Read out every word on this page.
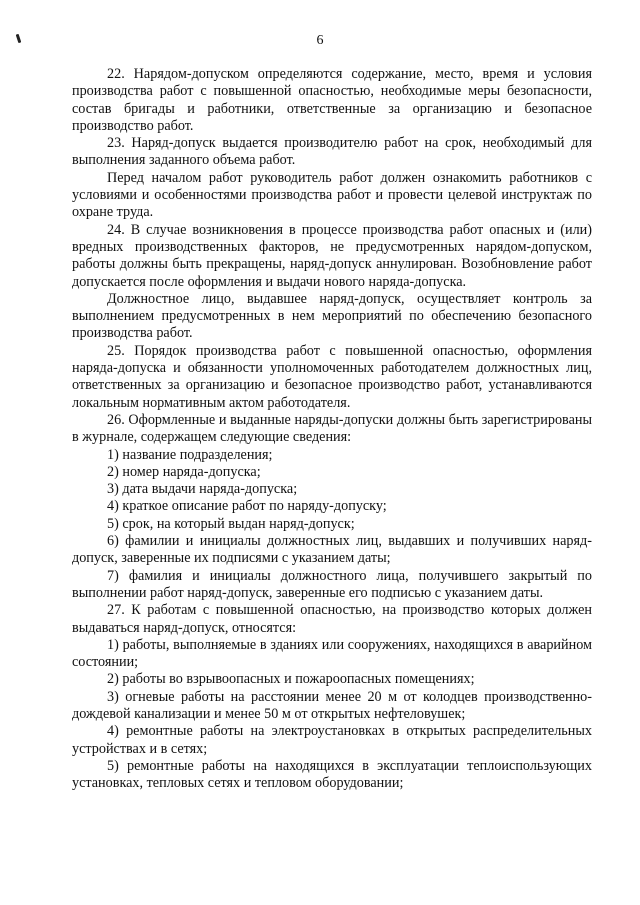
6

22. Нарядом-допуском определяются содержание, место, время и условия производства работ с повышенной опасностью, необходимые меры безопасности, состав бригады и работники, ответственные за организацию и безопасное производство работ.

23. Наряд-допуск выдается производителю работ на срок, необходимый для выполнения заданного объема работ.

Перед началом работ руководитель работ должен ознакомить работников с условиями и особенностями производства работ и провести целевой инструктаж по охране труда.

24. В случае возникновения в процессе производства работ опасных и (или) вредных производственных факторов, не предусмотренных нарядом-допуском, работы должны быть прекращены, наряд-допуск аннулирован. Возобновление работ допускается после оформления и выдачи нового наряда-допуска.

Должностное лицо, выдавшее наряд-допуск, осуществляет контроль за выполнением предусмотренных в нем мероприятий по обеспечению безопасного производства работ.

25. Порядок производства работ с повышенной опасностью, оформления наряда-допуска и обязанности уполномоченных работодателем должностных лиц, ответственных за организацию и безопасное производство работ, устанавливаются локальным нормативным актом работодателя.

26. Оформленные и выданные наряды-допуски должны быть зарегистрированы в журнале, содержащем следующие сведения:

1) название подразделения;

2) номер наряда-допуска;

3) дата выдачи наряда-допуска;

4) краткое описание работ по наряду-допуску;

5) срок, на который выдан наряд-допуск;

6) фамилии и инициалы должностных лиц, выдавших и получивших наряд-допуск, заверенные их подписями с указанием даты;

7) фамилия и инициалы должностного лица, получившего закрытый по выполнении работ наряд-допуск, заверенные его подписью с указанием даты.

27. К работам с повышенной опасностью, на производство которых должен выдаваться наряд-допуск, относятся:

1) работы, выполняемые в зданиях или сооружениях, находящихся в аварийном состоянии;

2) работы во взрывоопасных и пожароопасных помещениях;

3) огневые работы на расстоянии менее 20 м от колодцев производственно-дождевой канализации и менее 50 м от открытых нефтеловушек;

4) ремонтные работы на электроустановках в открытых распределительных устройствах и в сетях;

5) ремонтные работы на находящихся в эксплуатации теплоиспользующих установках, тепловых сетях и тепловом оборудовании;
